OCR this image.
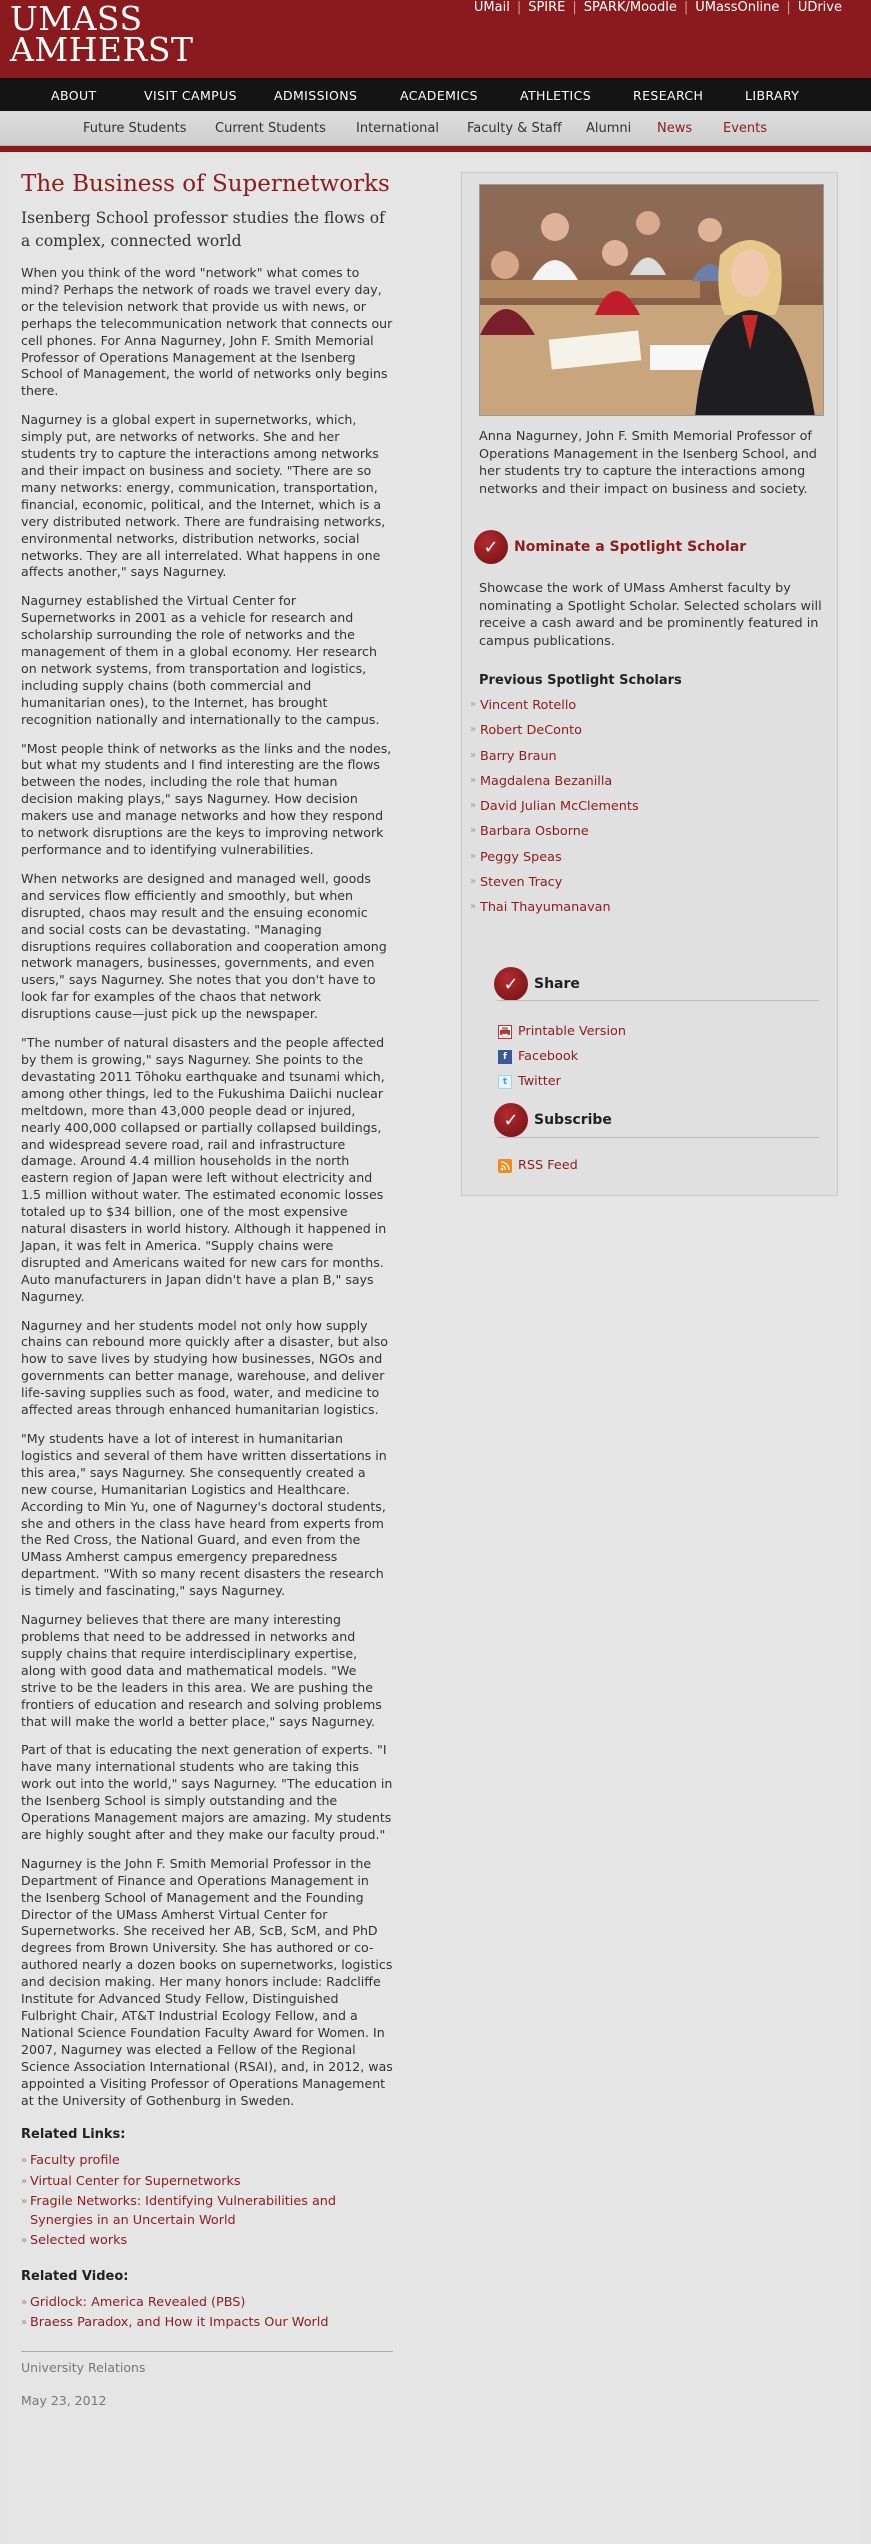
UMASS
AMHERST
UMail | SPIRE | SPARK/Moodle | UMassOnline | UDrive
ABOUT	VISIT CAMPUS	ADMISSIONS	ACADEMICS	ATHLETICS	RESEARCH	LIBRARY
Future Students Current Students International Faculty & Staff Alumni News Events
The Business of Supernetworks
Isenberg School professor studies the flows of a complex, connected world

When you think of the word "network" what comes to mind? Perhaps the network of roads we travel every day, or the television network that provide us with news, or perhaps the telecommunication network that connects our cell phones. For Anna Nagurney, John F. Smith Memorial Professor of Operations Management at the Isenberg School of Management, the world of networks only begins there.

Nagurney is a global expert in supernetworks, which, simply put, are networks of networks. She and her students try to capture the interactions among networks and their impact on business and society. "There are so many networks: energy, communication, transportation, financial, economic, political, and the Internet, which is a very distributed network. There are fundraising networks, environmental networks, distribution networks, social networks. They are all interrelated. What happens in one affects another," says Nagurney.

Nagurney established the Virtual Center for Supernetworks in 2001 as a vehicle for research and scholarship surrounding the role of networks and the management of them in a global economy. Her research on network systems, from transportation and logistics, including supply chains (both commercial and humanitarian ones), to the Internet, has brought recognition nationally and internationally to the campus.

"Most people think of networks as the links and the nodes, but what my students and I find interesting are the flows between the nodes, including the role that human decision making plays," says Nagurney. How decision makers use and manage networks and how they respond to network disruptions are the keys to improving network performance and to identifying vulnerabilities.

When networks are designed and managed well, goods and services flow efficiently and smoothly, but when disrupted, chaos may result and the ensuing economic and social costs can be devastating. "Managing disruptions requires collaboration and cooperation among network managers, businesses, governments, and even users," says Nagurney. She notes that you don't have to look far for examples of the chaos that network disruptions cause—just pick up the newspaper.

"The number of natural disasters and the people affected by them is growing," says Nagurney. She points to the devastating 2011 Tōhoku earthquake and tsunami which, among other things, led to the Fukushima Daiichi nuclear meltdown, more than 43,000 people dead or injured, nearly 400,000 collapsed or partially collapsed buildings, and widespread severe road, rail and infrastructure damage. Around 4.4 million households in the north eastern region of Japan were left without electricity and 1.5 million without water. The estimated economic losses totaled up to $34 billion, one of the most expensive natural disasters in world history. Although it happened in Japan, it was felt in America. "Supply chains were disrupted and Americans waited for new cars for months. Auto manufacturers in Japan didn't have a plan B," says Nagurney.

Nagurney and her students model not only how supply chains can rebound more quickly after a disaster, but also how to save lives by studying how businesses, NGOs and governments can better manage, warehouse, and deliver life-saving supplies such as food, water, and medicine to affected areas through enhanced humanitarian logistics.

"My students have a lot of interest in humanitarian logistics and several of them have written dissertations in this area," says Nagurney. She consequently created a new course, Humanitarian Logistics and Healthcare. According to Min Yu, one of Nagurney's doctoral students, she and others in the class have heard from experts from the Red Cross, the National Guard, and even from the UMass Amherst campus emergency preparedness department. "With so many recent disasters the research is timely and fascinating," says Nagurney.

Nagurney believes that there are many interesting problems that need to be addressed in networks and supply chains that require interdisciplinary expertise, along with good data and mathematical models. "We strive to be the leaders in this area. We are pushing the frontiers of education and research and solving problems that will make the world a better place," says Nagurney.

Part of that is educating the next generation of experts. "I have many international students who are taking this work out into the world," says Nagurney. "The education in the Isenberg School is simply outstanding and the Operations Management majors are amazing. My students are highly sought after and they make our faculty proud."

Nagurney is the John F. Smith Memorial Professor in the Department of Finance and Operations Management in the Isenberg School of Management and the Founding Director of the UMass Amherst Virtual Center for Supernetworks. She received her AB, ScB, ScM, and PhD degrees from Brown University. She has authored or co-authored nearly a dozen books on supernetworks, logistics and decision making. Her many honors include: Radcliffe Institute for Advanced Study Fellow, Distinguished Fulbright Chair, AT&T Industrial Ecology Fellow, and a National Science Foundation Faculty Award for Women. In 2007, Nagurney was elected a Fellow of the Regional Science Association International (RSAI), and, in 2012, was appointed a Visiting Professor of Operations Management at the University of Gothenburg in Sweden.

Related Links:
» Faculty profile
» Virtual Center for Supernetworks
» Fragile Networks: Identifying Vulnerabilities and Synergies in an Uncertain World
» Selected works
Related Video:
» Gridlock: America Revealed (PBS)
» Braess Paradox, and How it Impacts Our World
University Relations
May 23, 2012
Anna Nagurney, John F. Smith Memorial Professor of Operations Management in the Isenberg School, and her students try to capture the interactions among networks and their impact on business and society.
✓	Nominate a Spotlight Scholar
Showcase the work of UMass Amherst faculty by nominating a Spotlight Scholar. Selected scholars will receive a cash award and be prominently featured in campus publications.
Previous Spotlight Scholars
» Vincent Rotello
» Robert DeConto
» Barry Braun
» Magdalena Bezanilla
» David Julian McClements
» Barbara Osborne
» Peggy Speas
» Steven Tracy
» Thai Thayumanavan
✓	Share
Printable Version
f Facebook
t Twitter
✓	Subscribe
RSS Feed
